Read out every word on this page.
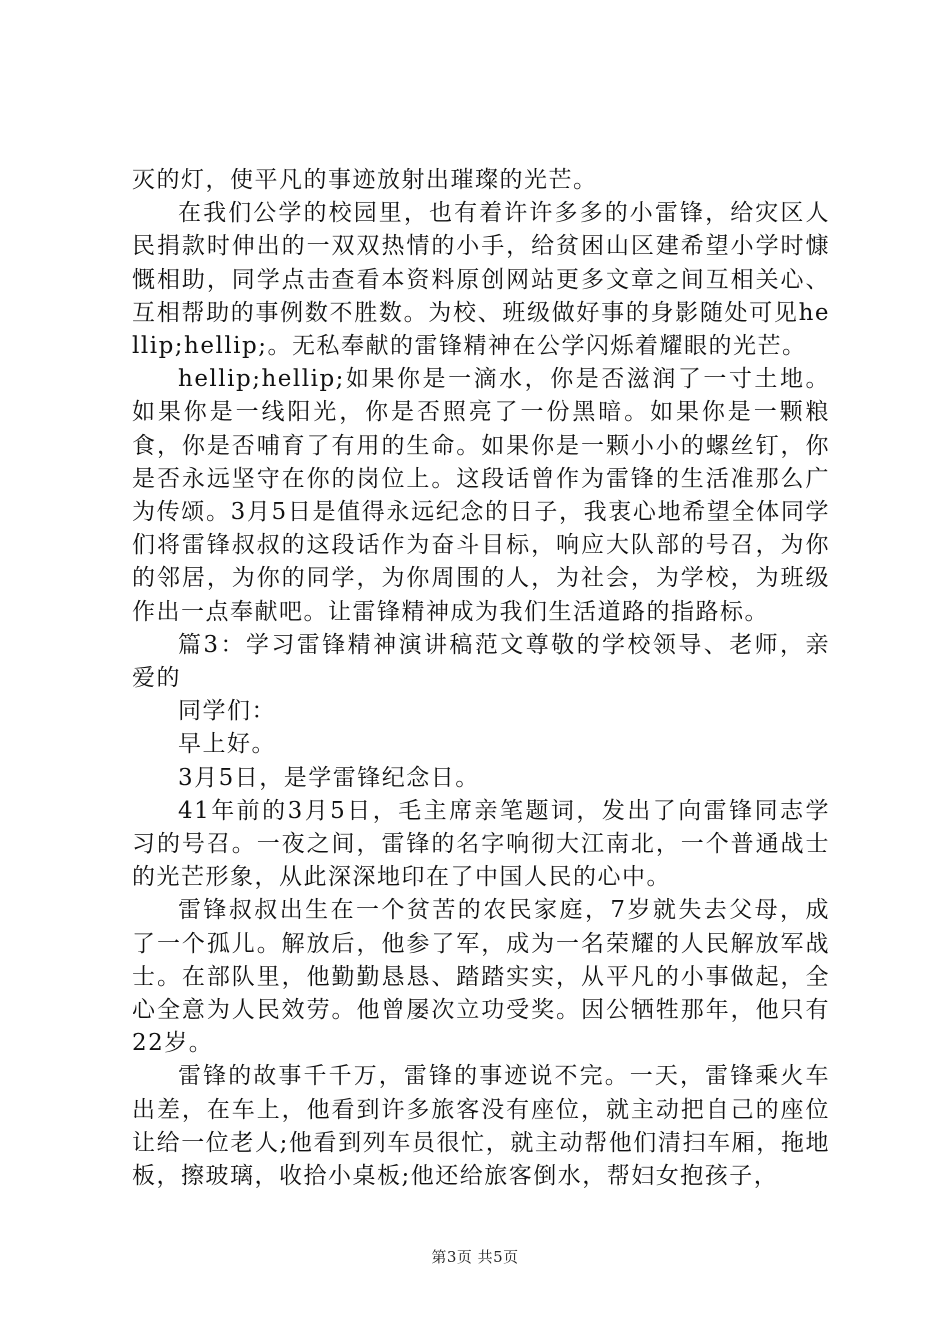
灭的灯，使平凡的事迹放射出璀璨的光芒。

在我们公学的校园里，也有着许许多多的小雷锋，给灾区人民捐款时伸出的一双双热情的小手，给贫困山区建希望小学时慷慨相助，同学点击查看本资料原创网站更多文章之间互相关心、互相帮助的事例数不胜数。为校、班级做好事的身影随处可见hellip;hellip;。无私奉献的雷锋精神在公学闪烁着耀眼的光芒。

hellip;hellip;如果你是一滴水，你是否滋润了一寸土地。如果你是一线阳光，你是否照亮了一份黑暗。如果你是一颗粮食，你是否哺育了有用的生命。如果你是一颗小小的螺丝钉，你是否永远坚守在你的岗位上。这段话曾作为雷锋的生活准那么广为传颂。3月5日是值得永远纪念的日子，我衷心地希望全体同学们将雷锋叔叔的这段话作为奋斗目标，响应大队部的号召，为你的邻居，为你的同学，为你周围的人，为社会，为学校，为班级作出一点奉献吧。让雷锋精神成为我们生活道路的指路标。

篇3：学习雷锋精神演讲稿范文尊敬的学校领导、老师，亲爱的

同学们：

早上好。

3月5日，是学雷锋纪念日。

41年前的3月5日，毛主席亲笔题词，发出了向雷锋同志学习的号召。一夜之间，雷锋的名字响彻大江南北，一个普通战士的光芒形象，从此深深地印在了中国人民的心中。

雷锋叔叔出生在一个贫苦的农民家庭，7岁就失去父母，成了一个孤儿。解放后，他参了军，成为一名荣耀的人民解放军战士。在部队里，他勤勤恳恳、踏踏实实，从平凡的小事做起，全心全意为人民效劳。他曾屡次立功受奖。因公牺牲那年，他只有22岁。

雷锋的故事千千万，雷锋的事迹说不完。一天，雷锋乘火车出差，在车上，他看到许多旅客没有座位，就主动把自己的座位让给一位老人;他看到列车员很忙，就主动帮他们清扫车厢，拖地板，擦玻璃，收拾小桌板;他还给旅客倒水，帮妇女抱孩子，

第3页 共5页
